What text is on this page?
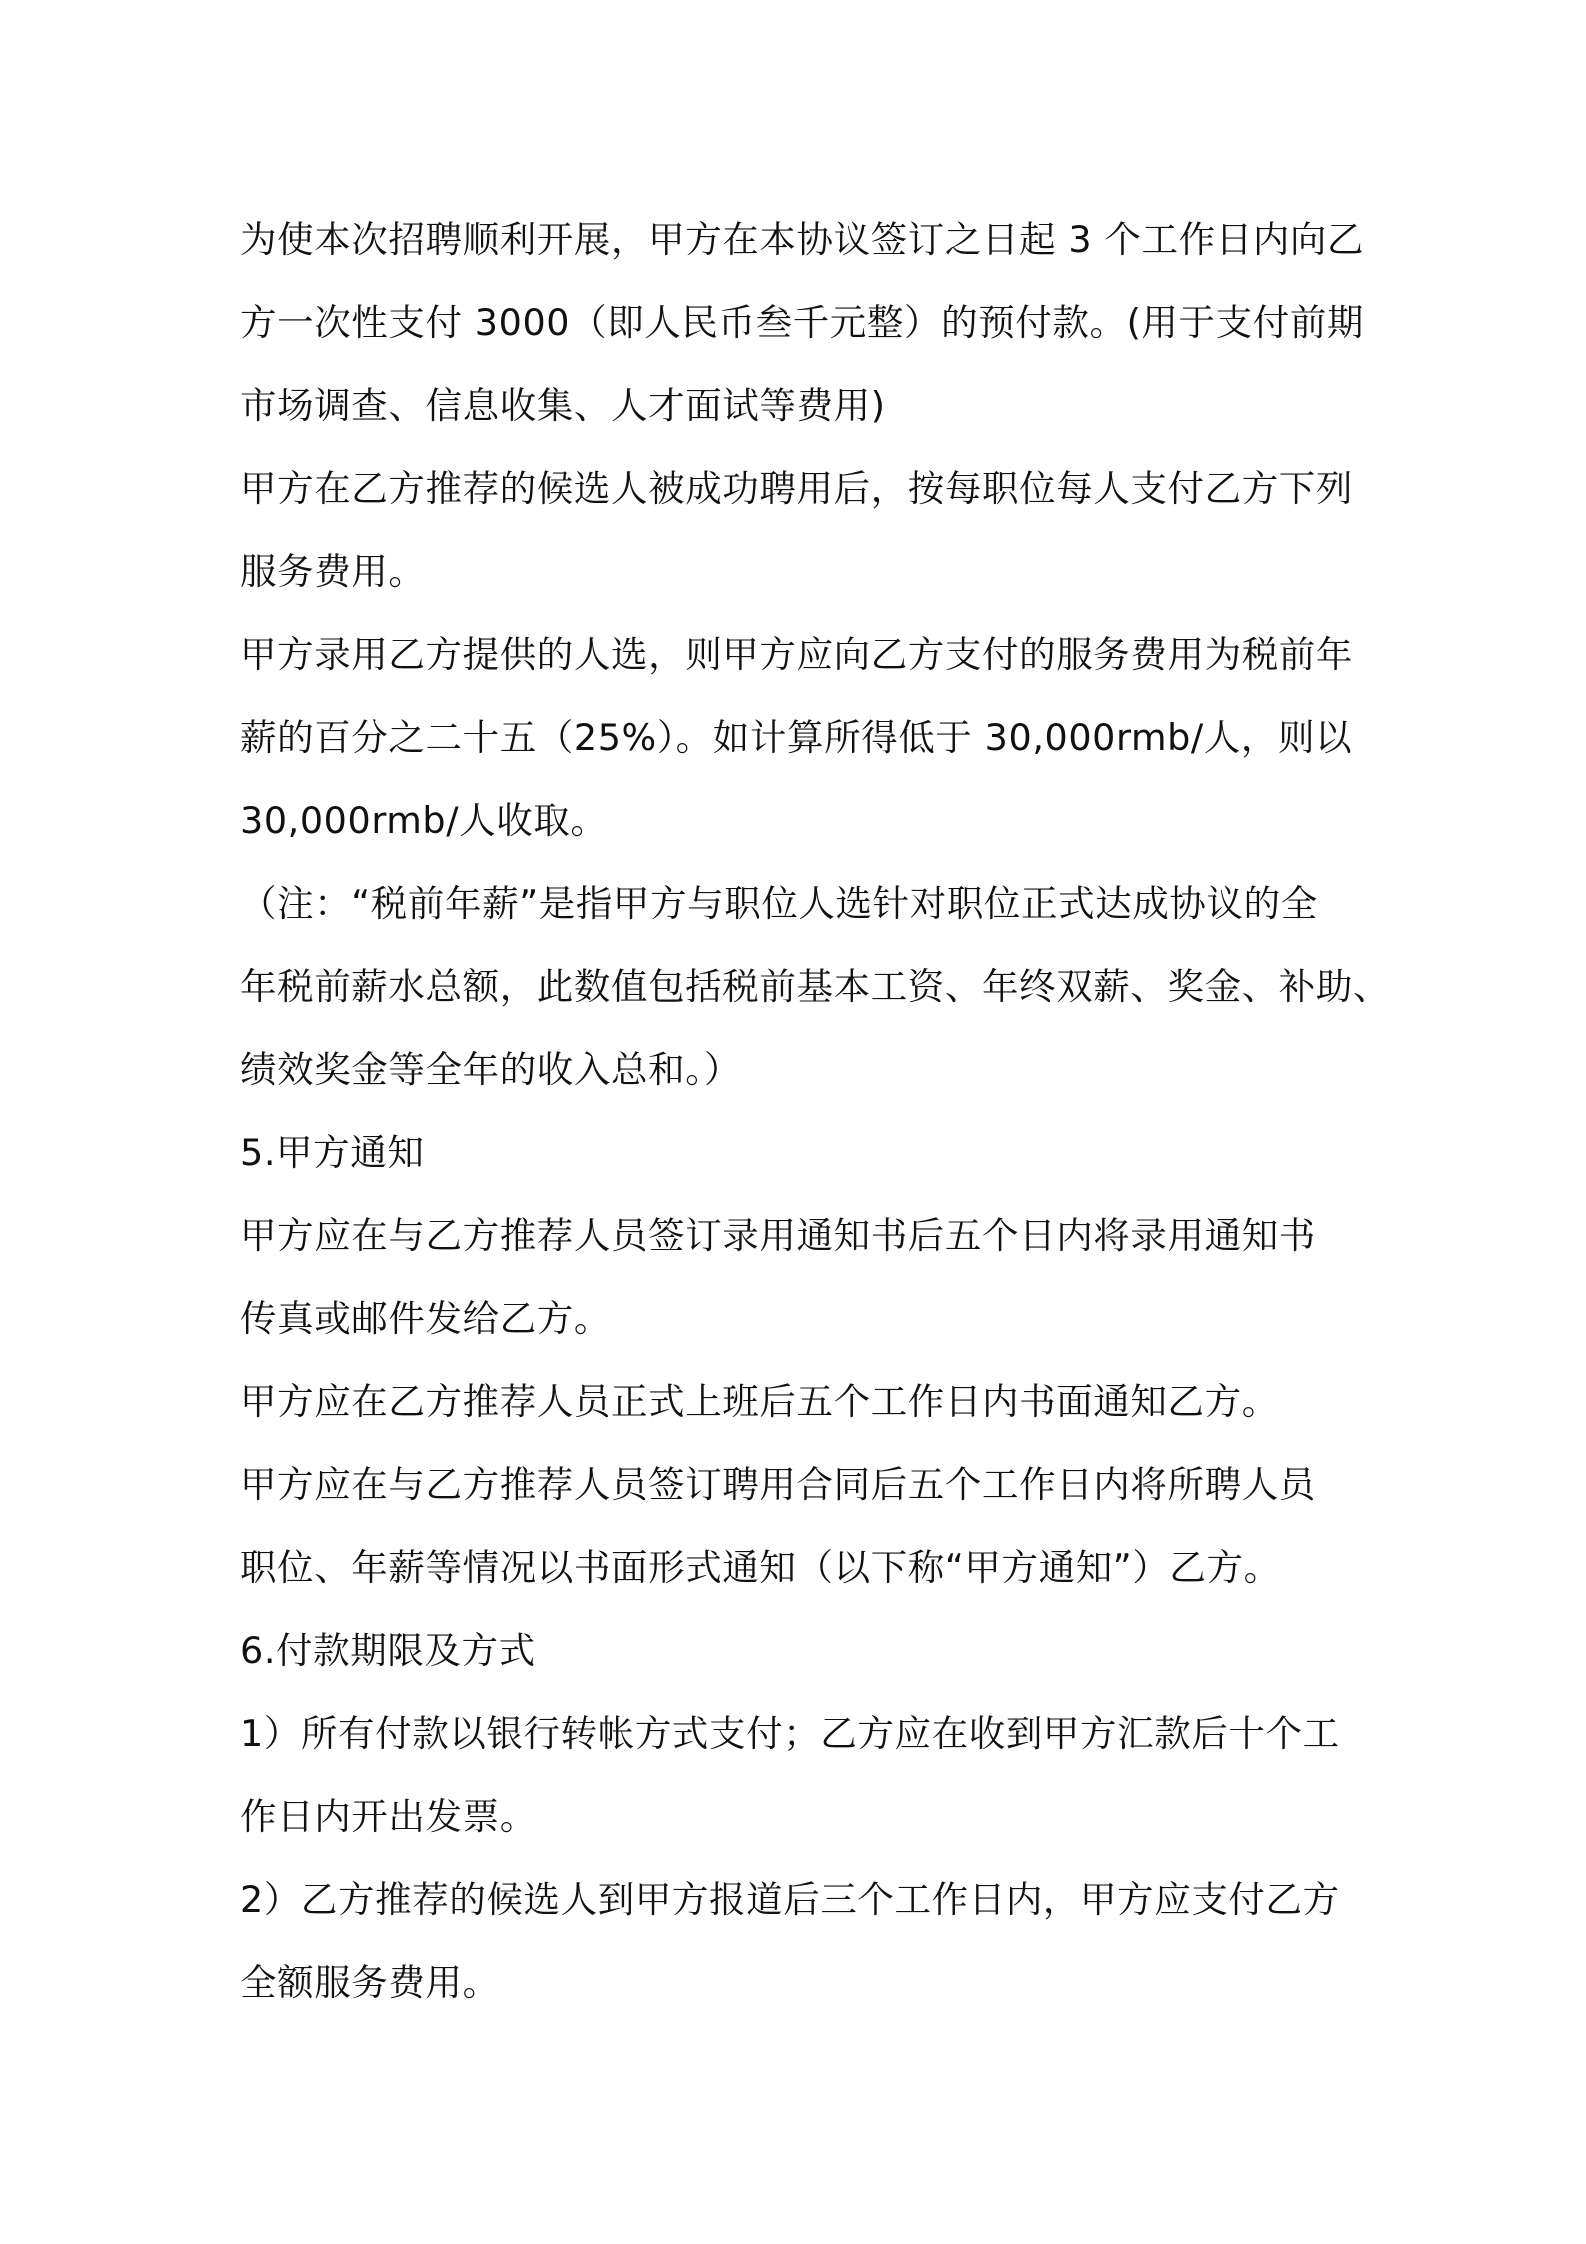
为使本次招聘顺利开展，甲方在本协议签订之日起 3 个工作日内向乙
方一次性支付 3000（即人民币叁千元整）的预付款。(用于支付前期
市场调查、信息收集、人才面试等费用)
甲方在乙方推荐的候选人被成功聘用后，按每职位每人支付乙方下列
服务费用。
甲方录用乙方提供的人选，则甲方应向乙方支付的服务费用为税前年
薪的百分之二十五（25%）。如计算所得低于 30,000rmb/人，则以
30,000rmb/人收取。
（注：“税前年薪”是指甲方与职位人选针对职位正式达成协议的全
年税前薪水总额，此数值包括税前基本工资、年终双薪、奖金、补助、
绩效奖金等全年的收入总和。）
5.甲方通知
甲方应在与乙方推荐人员签订录用通知书后五个日内将录用通知书
传真或邮件发给乙方。
甲方应在乙方推荐人员正式上班后五个工作日内书面通知乙方。
甲方应在与乙方推荐人员签订聘用合同后五个工作日内将所聘人员
职位、年薪等情况以书面形式通知（以下称“甲方通知”）乙方。
6.付款期限及方式
1）所有付款以银行转帐方式支付；乙方应在收到甲方汇款后十个工
作日内开出发票。
2）乙方推荐的候选人到甲方报道后三个工作日内，甲方应支付乙方
全额服务费用。
